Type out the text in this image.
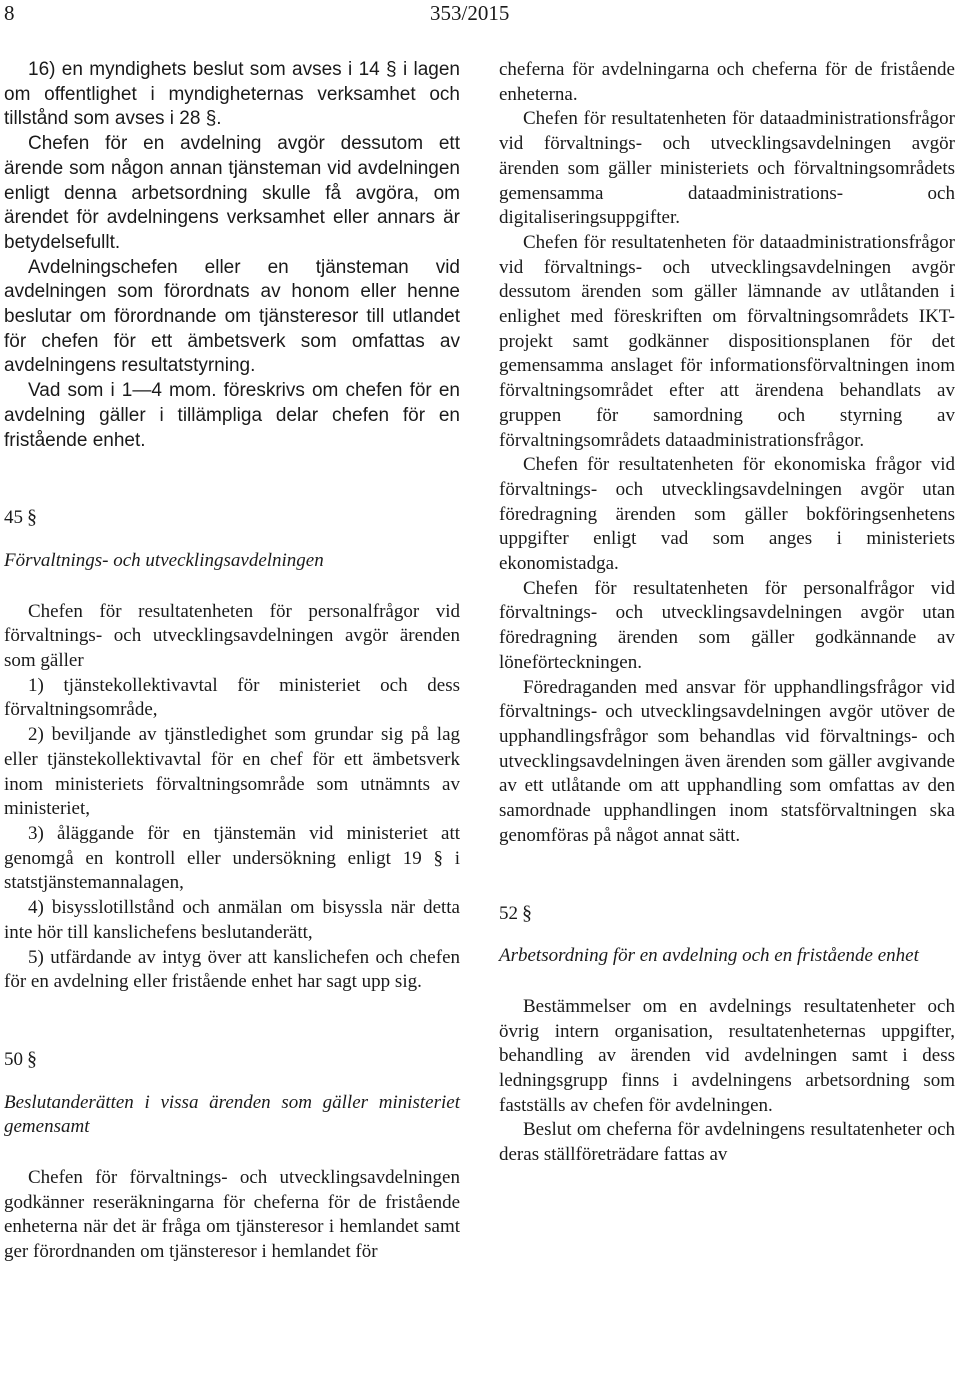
8	353/2015

16) en myndighets beslut som avses i 14 § i lagen om offentlighet i myndigheternas verksamhet och tillstånd som avses i 28 §.

Chefen för en avdelning avgör dessutom ett ärende som någon annan tjänsteman vid avdelningen enligt denna arbetsordning skulle få avgöra, om ärendet för avdelningens verksamhet eller annars är betydelsefullt.

Avdelningschefen eller en tjänsteman vid avdelningen som förordnats av honom eller henne beslutar om förordnande om tjänsteresor till utlandet för chefen för ett ämbetsverk som omfattas av avdelningens resultatstyrning.

Vad som i 1—4 mom. föreskrivs om chefen för en avdelning gäller i tillämpliga delar chefen för en fristående enhet.

45 §

Förvaltnings- och utvecklingsavdelningen

Chefen för resultatenheten för personalfrågor vid förvaltnings- och utvecklingsavdelningen avgör ärenden som gäller

1) tjänstekollektivavtal för ministeriet och dess förvaltningsområde,

2) beviljande av tjänstledighet som grundar sig på lag eller tjänstekollektivavtal för en chef för ett ämbetsverk inom ministeriets förvaltningsområde som utnämnts av ministeriet,

3) åläggande för en tjänstemän vid ministeriet att genomgå en kontroll eller undersökning enligt 19 § i statstjänstemannalagen,

4) bisysslotillstånd och anmälan om bisyssla när detta inte hör till kanslichefens beslutanderätt,

5) utfärdande av intyg över att kanslichefen och chefen för en avdelning eller fristående enhet har sagt upp sig.

50 §

Beslutanderätten i vissa ärenden som gäller ministeriet gemensamt

Chefen för förvaltnings- och utvecklingsavdelningen godkänner reseräkningarna för cheferna för de fristående enheterna när det är fråga om tjänsteresor i hemlandet samt ger förordnanden om tjänsteresor i hemlandet för

cheferna för avdelningarna och cheferna för de fristående enheterna.

Chefen för resultatenheten för dataadministrationsfrågor vid förvaltnings- och utvecklingsavdelningen avgör ärenden som gäller ministeriets och förvaltningsområdets gemensamma dataadministrations- och digitaliseringsuppgifter.

Chefen för resultatenheten för dataadministrationsfrågor vid förvaltnings- och utvecklingsavdelningen avgör dessutom ärenden som gäller lämnande av utlåtanden i enlighet med föreskriften om förvaltningsområdets IKT-projekt samt godkänner dispositionsplanen för det gemensamma anslaget för informationsförvaltningen inom förvaltningsområdet efter att ärendena behandlats av gruppen för samordning och styrning av förvaltningsområdets dataadministrationsfrågor.

Chefen för resultatenheten för ekonomiska frågor vid förvaltnings- och utvecklingsavdelningen avgör utan föredragning ärenden som gäller bokföringsenhetens uppgifter enligt vad som anges i ministeriets ekonomistadga.

Chefen för resultatenheten för personalfrågor vid förvaltnings- och utvecklingsavdelningen avgör utan föredragning ärenden som gäller godkännande av löneförteckningen.

Föredraganden med ansvar för upphandlingsfrågor vid förvaltnings- och utvecklingsavdelningen avgör utöver de upphandlingsfrågor som behandlas vid förvaltnings- och utvecklingsavdelningen även ärenden som gäller avgivande av ett utlåtande om att upphandling som omfattas av den samordnade upphandlingen inom statsförvaltningen ska genomföras på något annat sätt.

52 §

Arbetsordning för en avdelning och en fristående enhet

Bestämmelser om en avdelnings resultatenheter och övrig intern organisation, resultatenheternas uppgifter, behandling av ärenden vid avdelningen samt i dess ledningsgrupp finns i avdelningens arbetsordning som fastställs av chefen för avdelningen.

Beslut om cheferna för avdelningens resultatenheter och deras ställföreträdare fattas av
